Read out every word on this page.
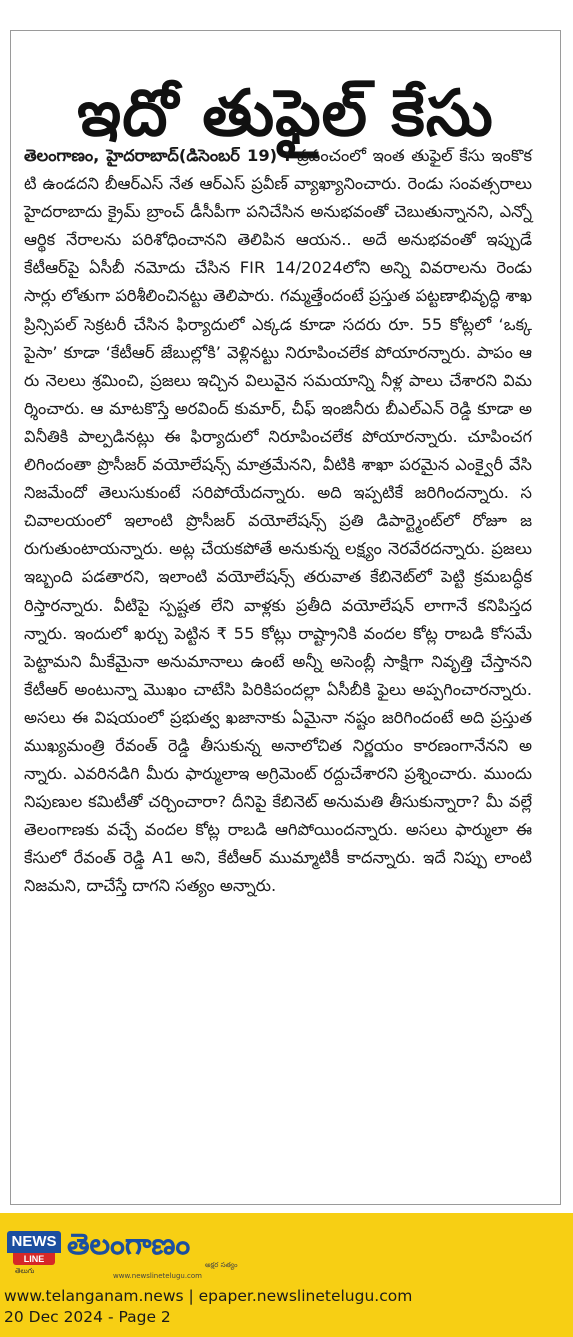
ఇదో తుఫైల్ కేసు
తెలంగాణం, హైదరాబాద్(డిసెంబర్ 19) : ప్రపంచంలో ఇంత తుఫైల్ కేసు ఇంకొకటి ఉండదని బీఆర్ఎస్ నేత ఆర్ఎస్ ప్రవీణ్ వ్యాఖ్యానించారు. రెండు సంవత్సరాలు హైదరాబాదు క్రైమ్ బ్రాంచ్ డీసీపీగా పనిచేసిన అనుభవంతో చెబుతున్నానని, ఎన్నో ఆర్థిక నేరాలను పరిశోధించానని తెలిపిన ఆయన.. అదే అనుభవంతో ఇప్పుడే కేటీఆర్‌పై ఏసీబీ నమోదు చేసిన FIR 14/2024లోని అన్ని వివరాలను రెండు సార్లు లోతుగా పరిశీలించినట్టు తెలిపారు. గమ్మత్తేందంటే ప్రస్తుత పట్టణాభివృద్ధి శాఖ ప్రిన్సిపల్ సెక్రటరీ చేసిన ఫిర్యాదులో ఎక్కడ కూడా సదరు రూ. 55 కోట్లలో ‘ఒక్క పైసా’ కూడా ‘కేటీఆర్ జేబుల్లోకి’ వెళ్లినట్టు నిరూపించలేక పోయారన్నారు. పాపం ఆరు నెలలు శ్రమించి, ప్రజలు ఇచ్చిన విలువైన సమయాన్ని నీళ్ల పాలు చేశారని విమర్శించారు. ఆ మాటకొస్తే అరవింద్ కుమార్, చీఫ్ ఇంజినీరు బీఎల్ఎన్ రెడ్డి కూడా అవినీతికి పాల్పడినట్లు ఈ ఫిర్యాదులో నిరూపించలేక పోయారన్నారు. చూపించగలిగిందంతా ప్రొసీజర్ వయోలేషన్స్ మాత్రమేనని, వీటికి శాఖా పరమైన ఎంక్వైరీ వేసి నిజమేందో తెలుసుకుంటే సరిపోయేదన్నారు. అది ఇప్పటికే జరిగిందన్నారు. సచివాలయంలో ఇలాంటి ప్రొసీజర్ వయోలేషన్స్ ప్రతి డిపార్ట్మెంట్‌లో రోజూ జరుగుతుంటాయన్నారు. అట్ల చేయకపోతే అనుకున్న లక్ష్యం నెరవేరదన్నారు. ప్రజలు ఇబ్బంది పడతారని, ఇలాంటి వయోలేషన్స్ తరువాత కేబినెట్‌లో పెట్టి క్రమబద్ధీకరిస్తారన్నారు. వీటిపై స్పష్టత లేని వాళ్లకు ప్రతీది వయోలేషన్ లాగానే కనిపిస్తదన్నారు. ఇందులో ఖర్చు పెట్టిన ₹ 55 కోట్లు రాష్ట్రానికి వందల కోట్ల రాబడి కోసమే పెట్టామని మీకేమైనా అనుమానాలు ఉంటే అన్నీ అసెంబ్లీ సాక్షిగా నివృత్తి చేస్తానని కేటీఆర్ అంటున్నా మొఖం చాటేసి పిరికిపందల్లా ఏసీబీకి ఫైలు అప్పగించారన్నారు. అసలు ఈ విషయంలో ప్రభుత్వ ఖజానాకు ఏమైనా నష్టం జరిగిందంటే అది ప్రస్తుత ముఖ్యమంత్రి రేవంత్ రెడ్డి తీసుకున్న అనాలోచిత నిర్ణయం కారణంగానేనని అన్నారు. ఎవరినడిగి మీరు ఫార్ములాఇ అగ్రిమెంట్ రద్దుచేశారని ప్రశ్నించారు. ముందు నిపుణుల కమిటీతో చర్చించారా? దీనిపై కేబినెట్ అనుమతి తీసుకున్నారా? మీ వల్లే తెలంగాణకు వచ్చే వందల కోట్ల రాబడి ఆగిపోయిందన్నారు. అసలు ఫార్ములా ఈ కేసులో రేవంత్ రెడ్డి A1 అని, కేటీఆర్ ముమ్మాటికీ కాదన్నారు. ఇదే నిప్పు లాంటి నిజమని, దాచేస్తే దాగని సత్యం అన్నారు.
NEWS
LINE
తెలుగు
తెలంగాణం
అక్షర సత్యం
www.newslinetelugu.com
www.telanganam.news | epaper.newslinetelugu.com
20 Dec 2024 - Page 2
